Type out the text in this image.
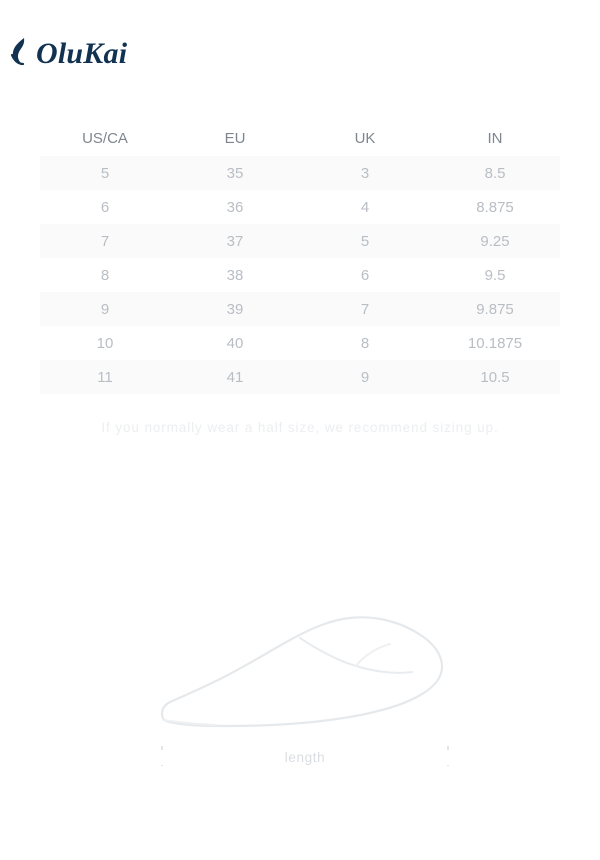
OluKai
US/CA	EU	UK	IN
5	35	3	8.5
6	36	4	8.875
7	37	5	9.25
8	38	6	9.5
9	39	7	9.875
10	40	8	10.1875
11	41	9	10.5
If you normally wear a half size, we recommend sizing up.
length
